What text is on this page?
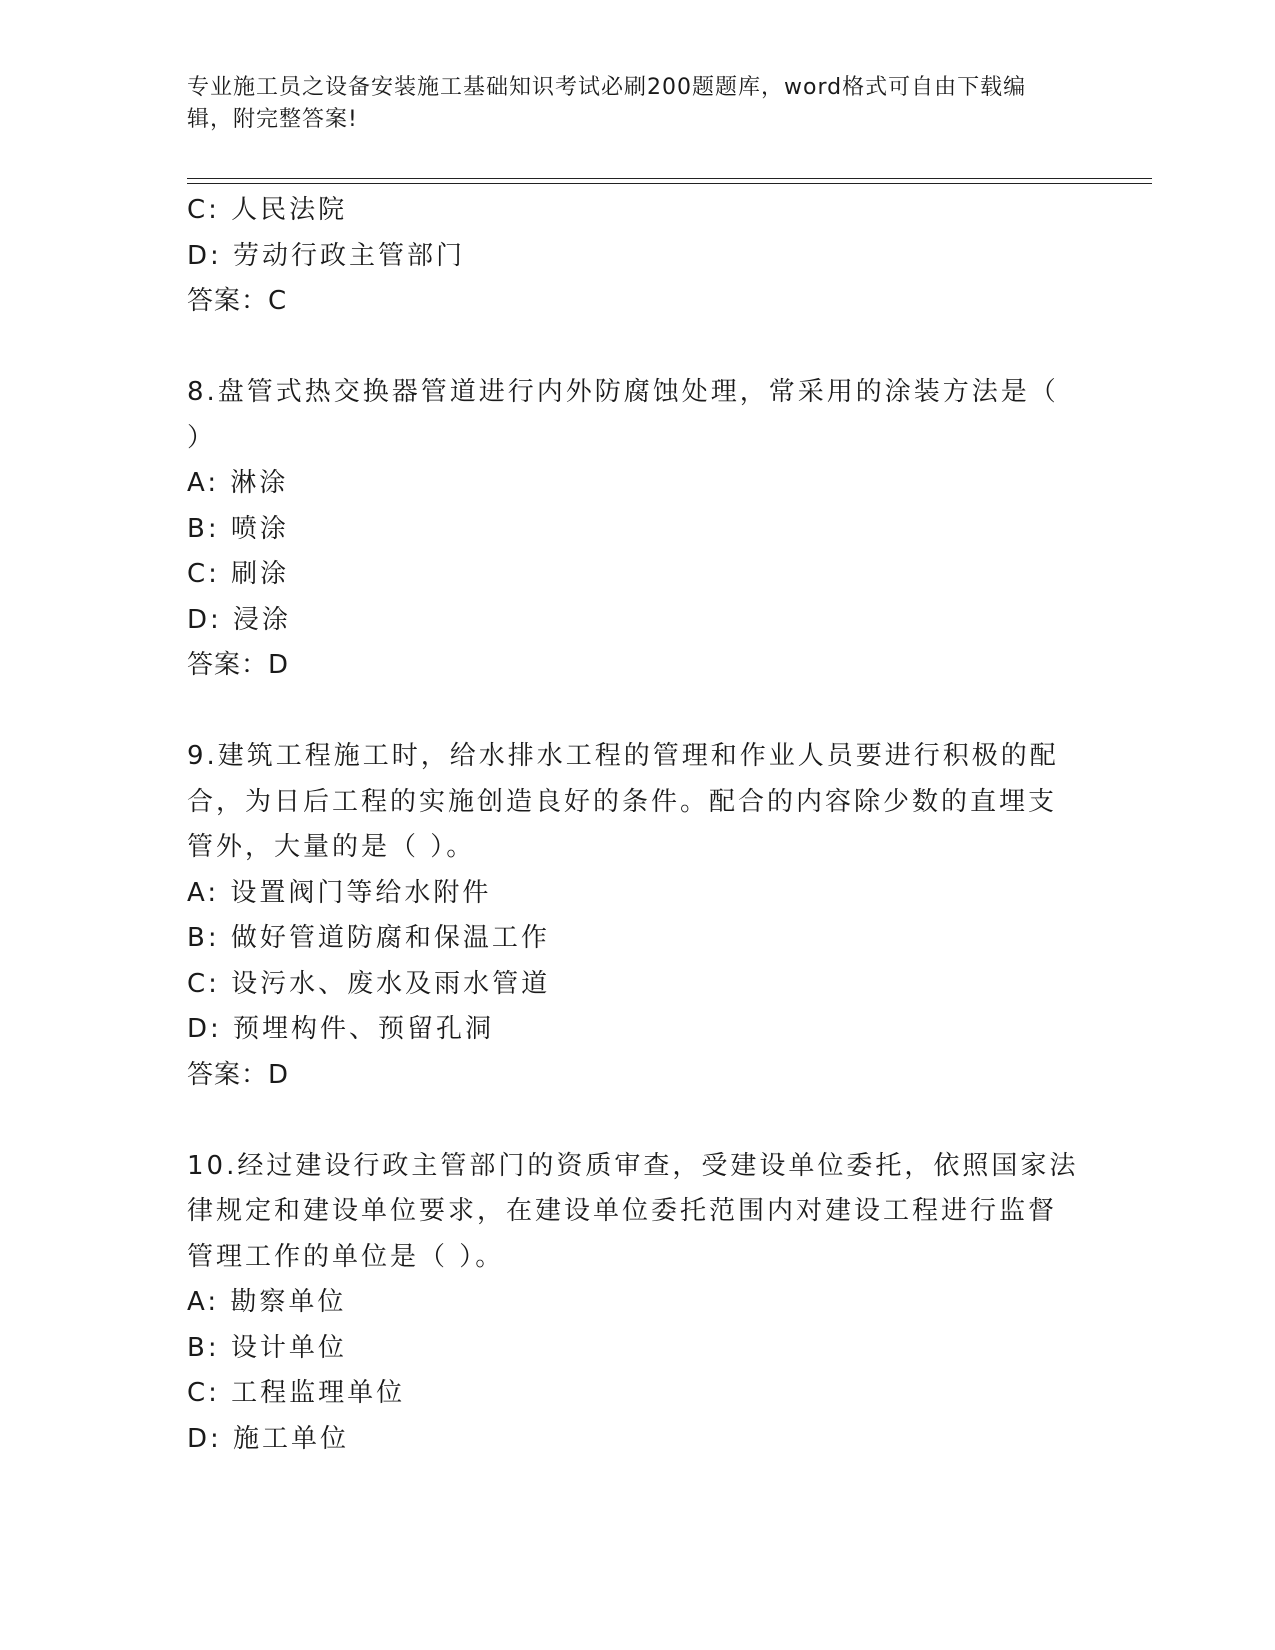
专业施工员之设备安装施工基础知识考试必刷200题题库，word格式可自由下载编辑，附完整答案!
C: 人民法院
D: 劳动行政主管部门
答案：C
8.盘管式热交换器管道进行内外防腐蚀处理，常采用的涂装方法是（
）
A: 淋涂
B: 喷涂
C: 刷涂
D: 浸涂
答案：D
9.建筑工程施工时，给水排水工程的管理和作业人员要进行积极的配
合，为日后工程的实施创造良好的条件。配合的内容除少数的直埋支
管外，大量的是（ ）。
A: 设置阀门等给水附件
B: 做好管道防腐和保温工作
C: 设污水、废水及雨水管道
D: 预埋构件、预留孔洞
答案：D
10.经过建设行政主管部门的资质审查，受建设单位委托，依照国家法
律规定和建设单位要求，在建设单位委托范围内对建设工程进行监督
管理工作的单位是（ ）。
A: 勘察单位
B: 设计单位
C: 工程监理单位
D: 施工单位
